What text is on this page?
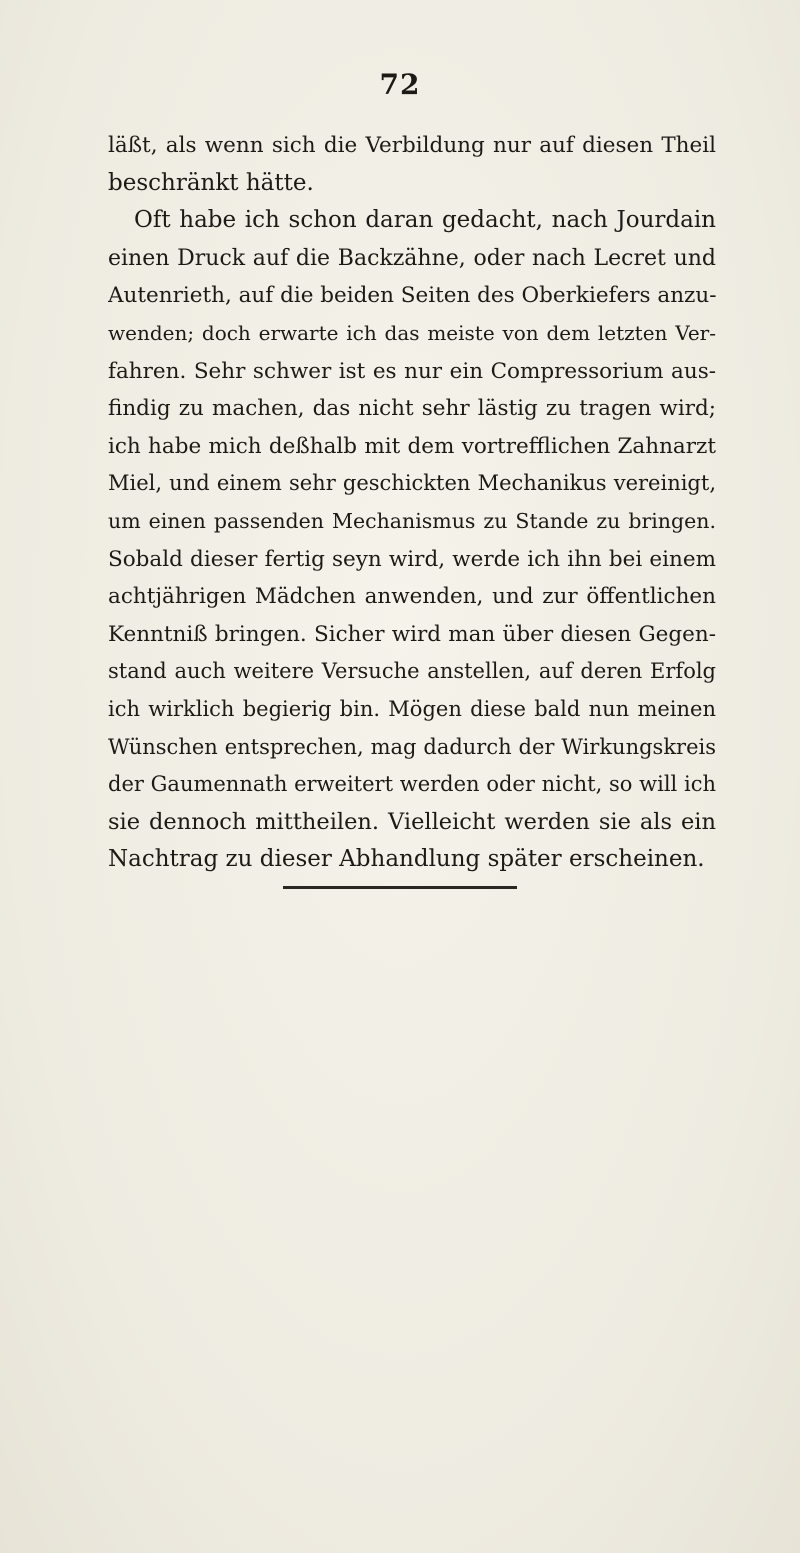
72
läßt, als wenn sich die Verbildung nur auf diesen Theil
beschränkt hätte.
Oft habe ich schon daran gedacht, nach Jourdain
einen Druck auf die Backzähne, oder nach Lecret und
Autenrieth, auf die beiden Seiten des Oberkiefers anzu-
wenden; doch erwarte ich das meiste von dem letzten Ver-
fahren. Sehr schwer ist es nur ein Compressorium aus-
findig zu machen, das nicht sehr lästig zu tragen wird;
ich habe mich deßhalb mit dem vortrefflichen Zahnarzt
Miel, und einem sehr geschickten Mechanikus vereinigt,
um einen passenden Mechanismus zu Stande zu bringen.
Sobald dieser fertig seyn wird, werde ich ihn bei einem
achtjährigen Mädchen anwenden, und zur öffentlichen
Kenntniß bringen. Sicher wird man über diesen Gegen-
stand auch weitere Versuche anstellen, auf deren Erfolg
ich wirklich begierig bin. Mögen diese bald nun meinen
Wünschen entsprechen, mag dadurch der Wirkungskreis
der Gaumennath erweitert werden oder nicht, so will ich
sie dennoch mittheilen. Vielleicht werden sie als ein
Nachtrag zu dieser Abhandlung später erscheinen.
